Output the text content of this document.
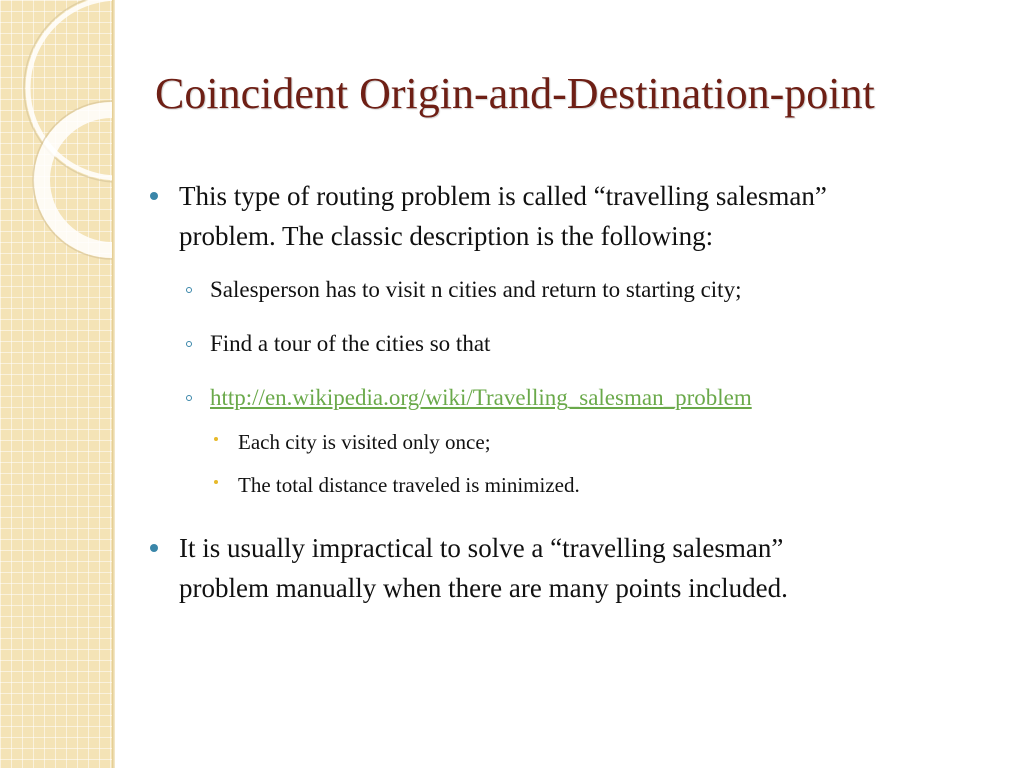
Coincident Origin-and-Destination-point
This type of routing problem is called “travelling salesman”
problem. The classic description is the following:
Salesperson has to visit n cities and return to starting city;
Find a tour of the cities so that
http://en.wikipedia.org/wiki/Travelling_salesman_problem
Each city is visited only once;
The total distance traveled is minimized.
It is usually impractical to solve a “travelling salesman”
problem manually when there are many points included.
